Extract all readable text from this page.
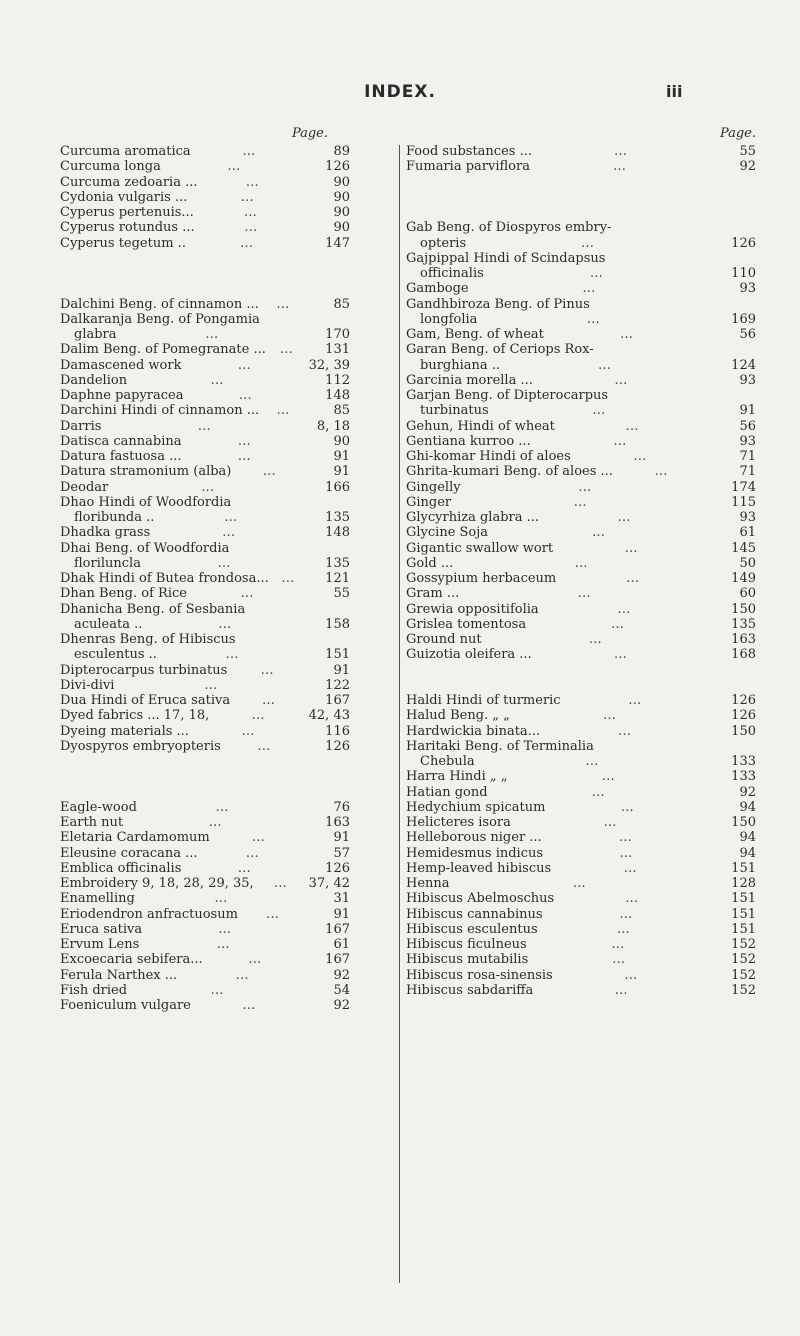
INDEX.	iii
Page.
Curcuma aromatica …	89
Curcuma longa …	126
Curcuma zedoaria ... …	90
Cydonia vulgaris ... …	90
Cyperus pertenuis... …	90
Cyperus rotundus ... …	90
Cyperus tegetum .. …	147
Dalchini Beng. of cinnamon ... …	85
Dalkaranja Beng. of Pongamia
glabra …	170
Dalim Beng. of Pomegranate ... …	131
Damascened work …	32, 39
Dandelion …	112
Daphne papyracea …	148
Darchini Hindi of cinnamon ... …	85
Darris …	8, 18
Datisca cannabina …	90
Datura fastuosa ... …	91
Datura stramonium (alba) …	91
Deodar …	166
Dhao Hindi of Woodfordia
floribunda .. …	135
Dhadka grass …	148
Dhai Beng. of Woodfordia
floriluncla …	135
Dhak Hindi of Butea frondosa... …	121
Dhan Beng. of Rice …	55
Dhanicha Beng. of Sesbania
aculeata .. …	158
Dhenras Beng. of Hibiscus
esculentus .. …	151
Dipterocarpus turbinatus …	91
Divi-divi …	122
Dua Hindi of Eruca sativa …	167
Dyed fabrics ... 17, 18, …	42, 43
Dyeing materials ... …	116
Dyospyros embryopteris …	126
Eagle-wood …	76
Earth nut …	163
Eletaria Cardamomum …	91
Eleusine coracana ... …	57
Emblica officinalis …	126
Embroidery 9, 18, 28, 29, 35, …	37, 42
Enamelling …	31
Eriodendron anfractuosum …	91
Eruca sativa …	167
Ervum Lens …	61
Excoecaria sebifera... …	167
Ferula Narthex ... …	92
Fish dried …	54
Foeniculum vulgare …	92
Page.
Food substances ... …	55
Fumaria parviflora …	92
Gab Beng. of Diospyros embry-
opteris …	126
Gajpippal Hindi of Scindapsus
officinalis …	110
Gamboge …	93
Gandhbiroza Beng. of Pinus
longfolia …	169
Gam, Beng. of wheat …	56
Garan Beng. of Ceriops Rox-
burghiana .. …	124
Garcinia morella ... …	93
Garjan Beng. of Dipterocarpus
turbinatus …	91
Gehun, Hindi of wheat …	56
Gentiana kurroo ... …	93
Ghi-komar Hindi of aloes …	71
Ghrita-kumari Beng. of aloes ... …	71
Gingelly …	174
Ginger …	115
Glycyrhiza glabra ... …	93
Glycine Soja …	61
Gigantic swallow wort …	145
Gold ... …	50
Gossypium herbaceum …	149
Gram ... …	60
Grewia oppositifolia …	150
Grislea tomentosa …	135
Ground nut …	163
Guizotia oleifera ... …	168
Haldi Hindi of turmeric …	126
Halud Beng. „ „ …	126
Hardwickia binata... …	150
Haritaki Beng. of Terminalia
Chebula …	133
Harra Hindi „ „ …	133
Hatian gond …	92
Hedychium spicatum …	94
Helicteres isora …	150
Helleborous niger ... …	94
Hemidesmus indicus …	94
Hemp-leaved hibiscus …	151
Henna …	128
Hibiscus Abelmoschus …	151
Hibiscus cannabinus …	151
Hibiscus esculentus …	151
Hibiscus ficulneus …	152
Hibiscus mutabilis …	152
Hibiscus rosa-sinensis …	152
Hibiscus sabdariffa …	152
